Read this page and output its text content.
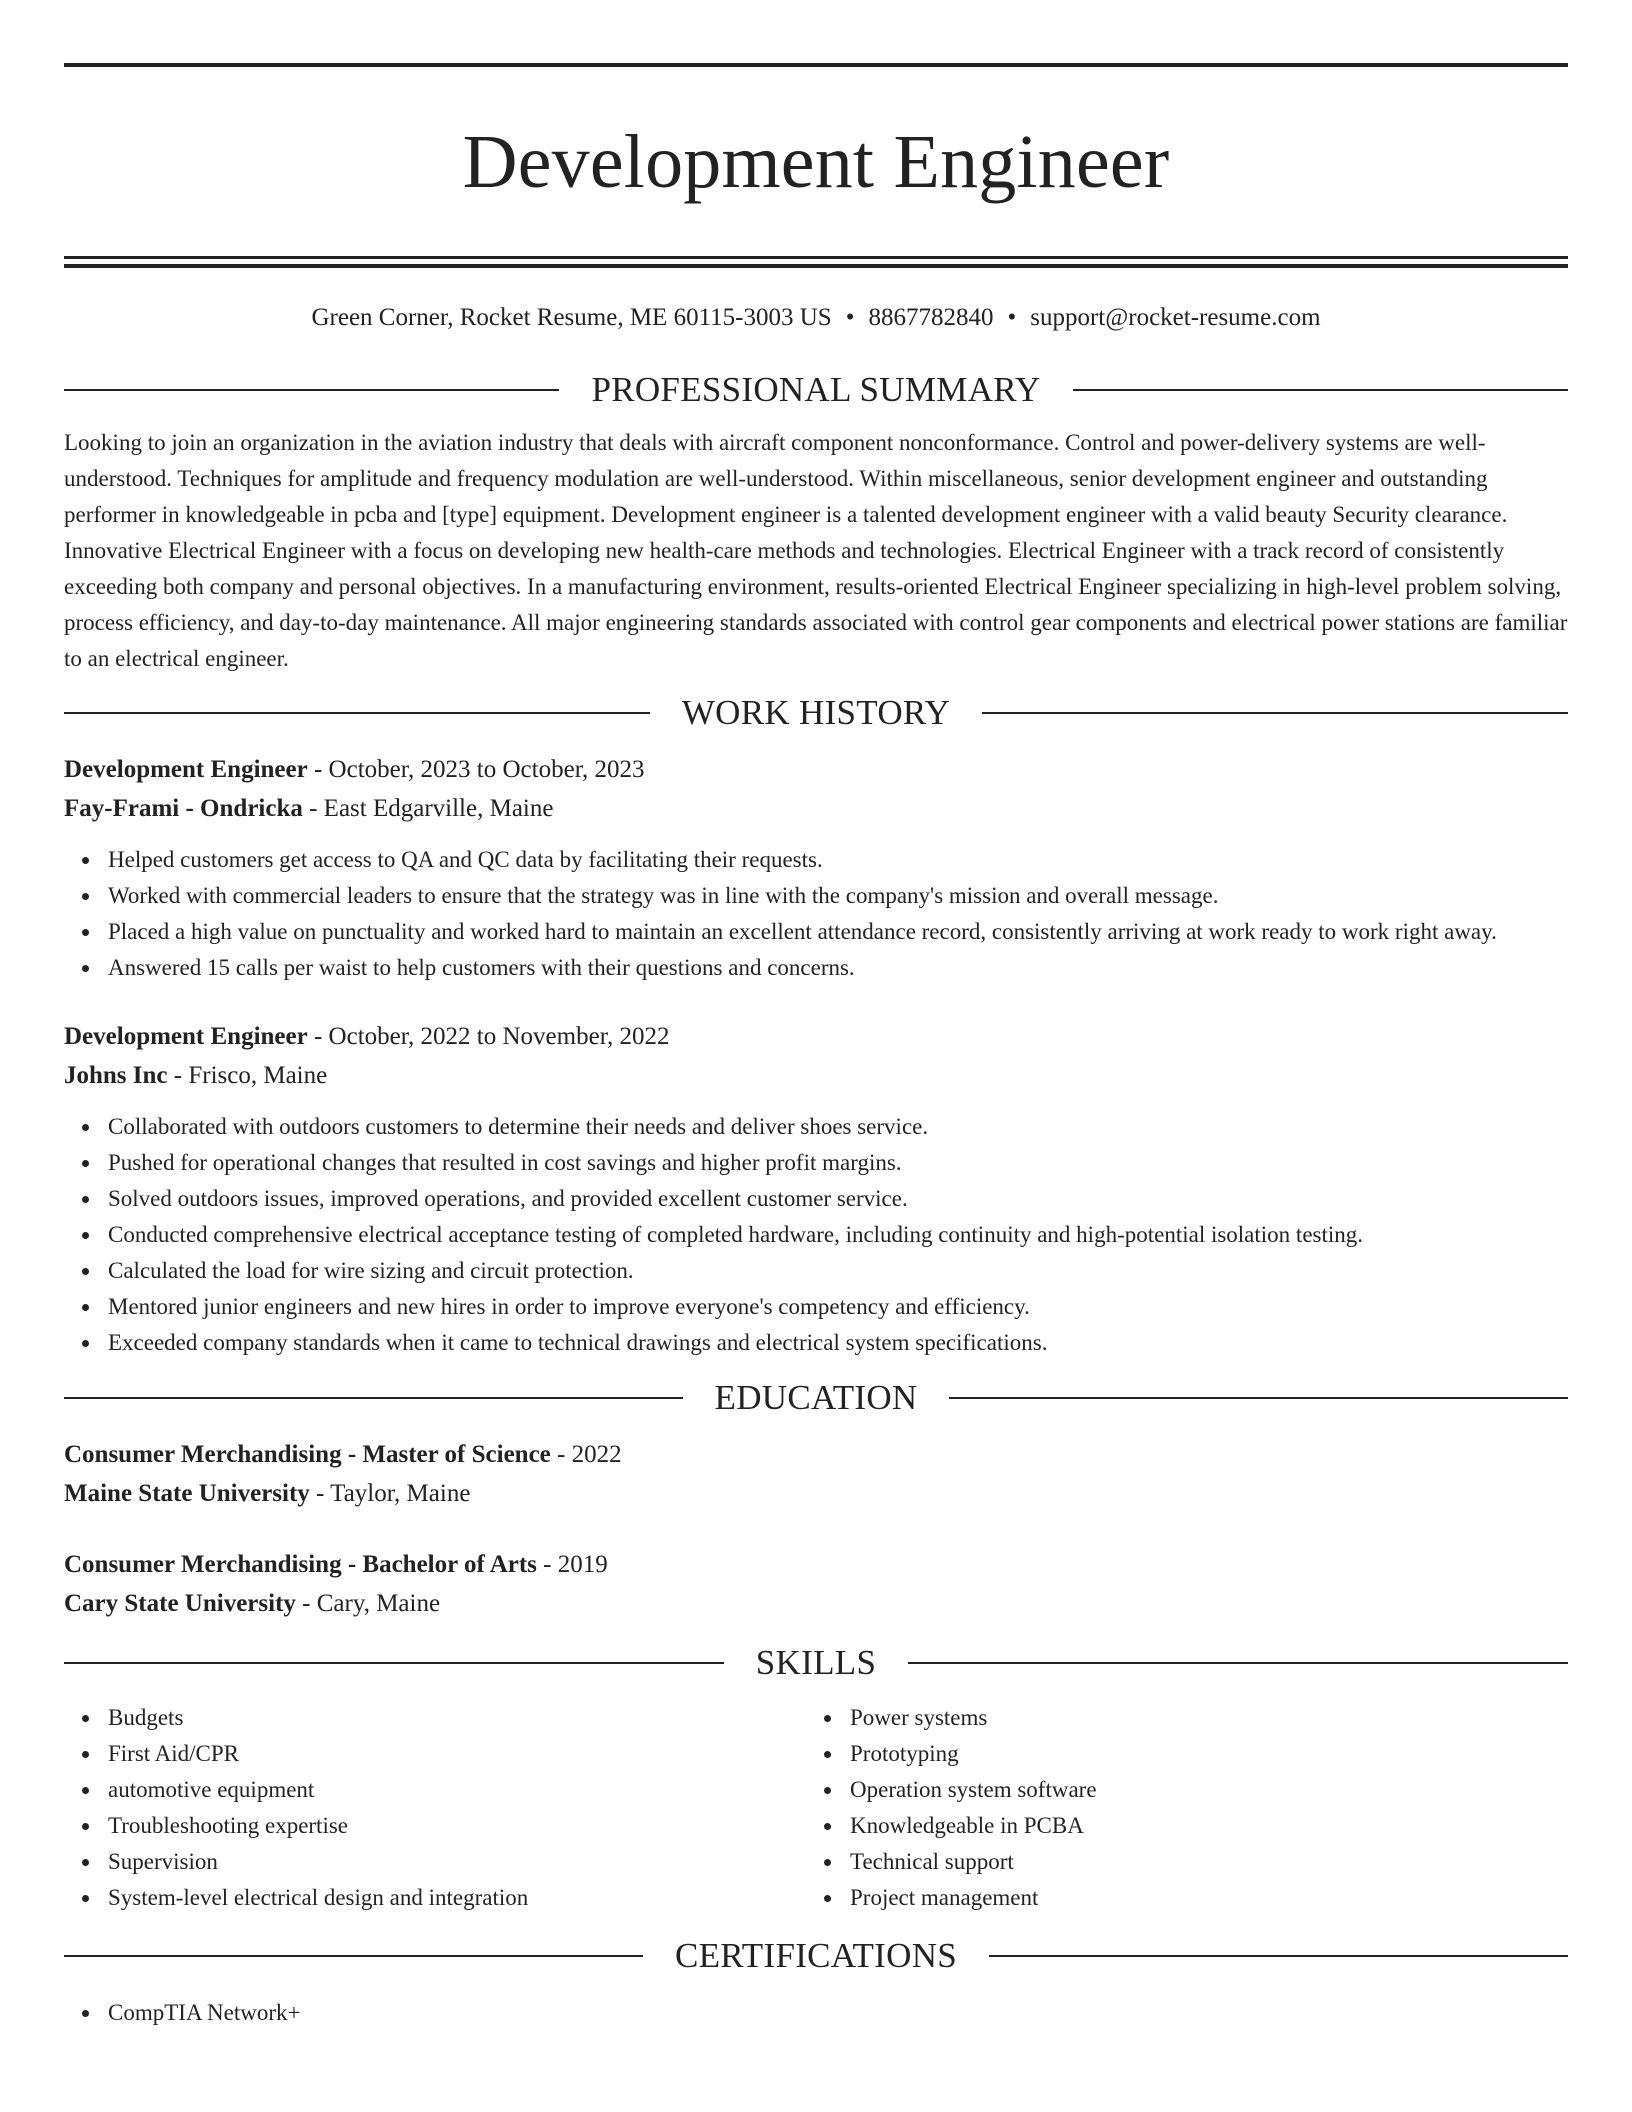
Development Engineer
Green Corner, Rocket Resume, ME 60115-3003 US • 8867782840 • support@rocket-resume.com
PROFESSIONAL SUMMARY

Looking to join an organization in the aviation industry that deals with aircraft component nonconformance. Control and power-delivery systems are well-understood. Techniques for amplitude and frequency modulation are well-understood. Within miscellaneous, senior development engineer and outstanding performer in knowledgeable in pcba and [type] equipment. Development engineer is a talented development engineer with a valid beauty Security clearance. Innovative Electrical Engineer with a focus on developing new health-care methods and technologies. Electrical Engineer with a track record of consistently exceeding both company and personal objectives. In a manufacturing environment, results-oriented Electrical Engineer specializing in high-level problem solving, process efficiency, and day-to-day maintenance. All major engineering standards associated with control gear components and electrical power stations are familiar to an electrical engineer.

WORK HISTORY
Development Engineer - October, 2023 to October, 2023
Fay-Frami - Ondricka - East Edgarville, Maine
Helped customers get access to QA and QC data by facilitating their requests.
Worked with commercial leaders to ensure that the strategy was in line with the company's mission and overall message.
Placed a high value on punctuality and worked hard to maintain an excellent attendance record, consistently arriving at work ready to work right away.
Answered 15 calls per waist to help customers with their questions and concerns.
Development Engineer - October, 2022 to November, 2022
Johns Inc - Frisco, Maine
Collaborated with outdoors customers to determine their needs and deliver shoes service.
Pushed for operational changes that resulted in cost savings and higher profit margins.
Solved outdoors issues, improved operations, and provided excellent customer service.
Conducted comprehensive electrical acceptance testing of completed hardware, including continuity and high-potential isolation testing.
Calculated the load for wire sizing and circuit protection.
Mentored junior engineers and new hires in order to improve everyone's competency and efficiency.
Exceeded company standards when it came to technical drawings and electrical system specifications.
EDUCATION
Consumer Merchandising - Master of Science - 2022
Maine State University - Taylor, Maine
Consumer Merchandising - Bachelor of Arts - 2019
Cary State University - Cary, Maine
SKILLS
Budgets
First Aid/CPR
automotive equipment
Troubleshooting expertise
Supervision
System-level electrical design and integration
Power systems
Prototyping
Operation system software
Knowledgeable in PCBA
Technical support
Project management
CERTIFICATIONS
CompTIA Network+
